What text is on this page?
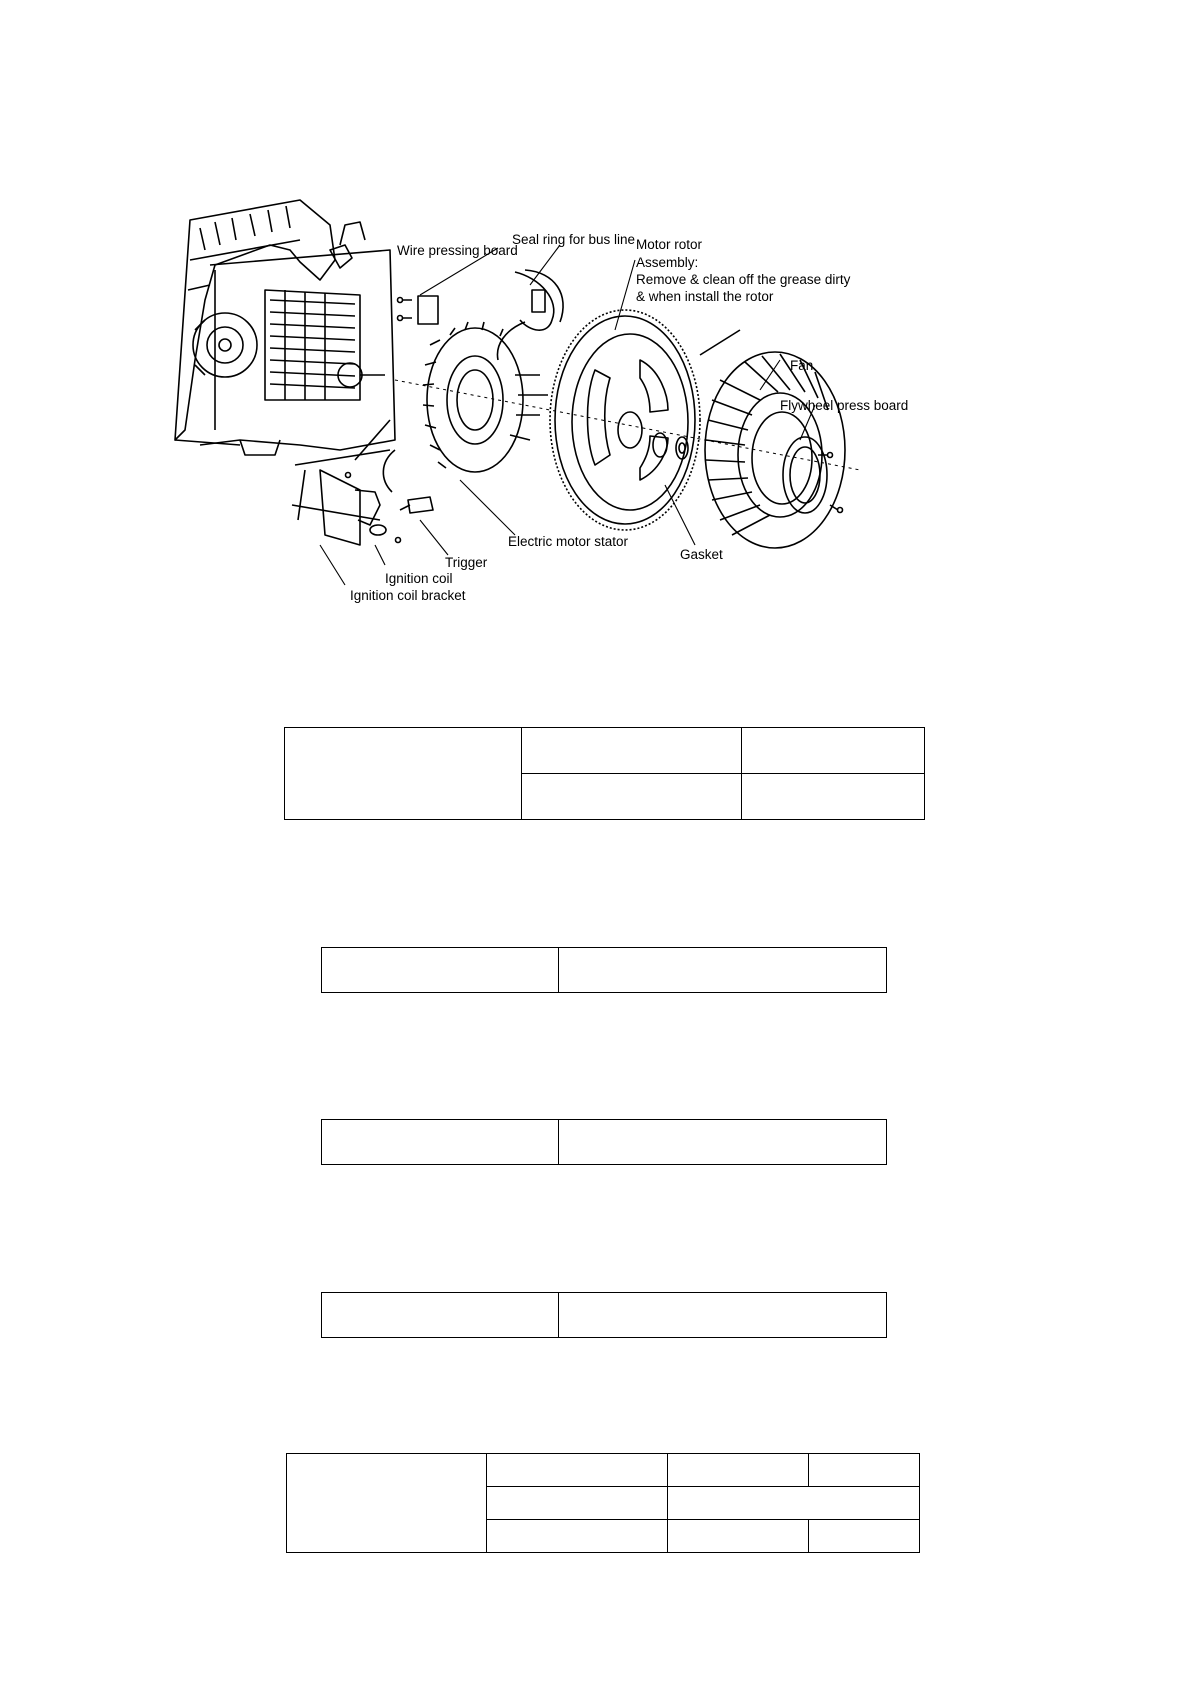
Wire pressing board
Seal ring for bus line Motor rotor
Assembly:
Remove & clean off the grease dirty
& when install the rotor
Fan
Flywheel press board
Electric motor stator
Gasket
Trigger
Ignition coil
Ignition coil bracket
